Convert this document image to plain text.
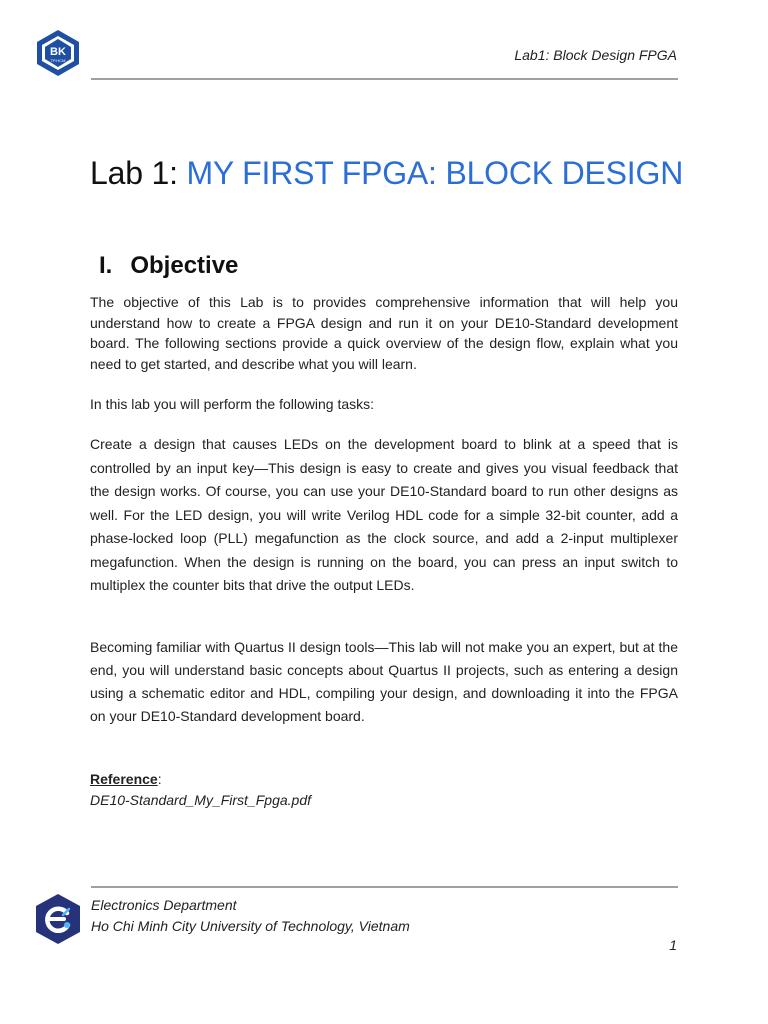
BK
TP.HCM	Lab1: Block Design FPGA
Lab 1: MY FIRST FPGA: BLOCK DESIGN
I. Objective

The objective of this Lab is to provides comprehensive information that will help you understand how to create a FPGA design and run it on your DE10-Standard development board. The following sections provide a quick overview of the design flow, explain what you need to get started, and describe what you will learn.

In this lab you will perform the following tasks:

Create a design that causes LEDs on the development board to blink at a speed that is controlled by an input key—This design is easy to create and gives you visual feedback that the design works. Of course, you can use your DE10-Standard board to run other designs as well. For the LED design, you will write Verilog HDL code for a simple 32-bit counter, add a phase-locked loop (PLL) megafunction as the clock source, and add a 2-input multiplexer megafunction. When the design is running on the board, you can press an input switch to multiplex the counter bits that drive the output LEDs.

Becoming familiar with Quartus II design tools—This lab will not make you an expert, but at the end, you will understand basic concepts about Quartus II projects, such as entering a design using a schematic editor and HDL, compiling your design, and downloading it into the FPGA on your DE10-Standard development board.

Reference:
DE10-Standard_My_First_Fpga.pdf
Electronics Department
Ho Chi Minh City University of Technology, Vietnam
1
